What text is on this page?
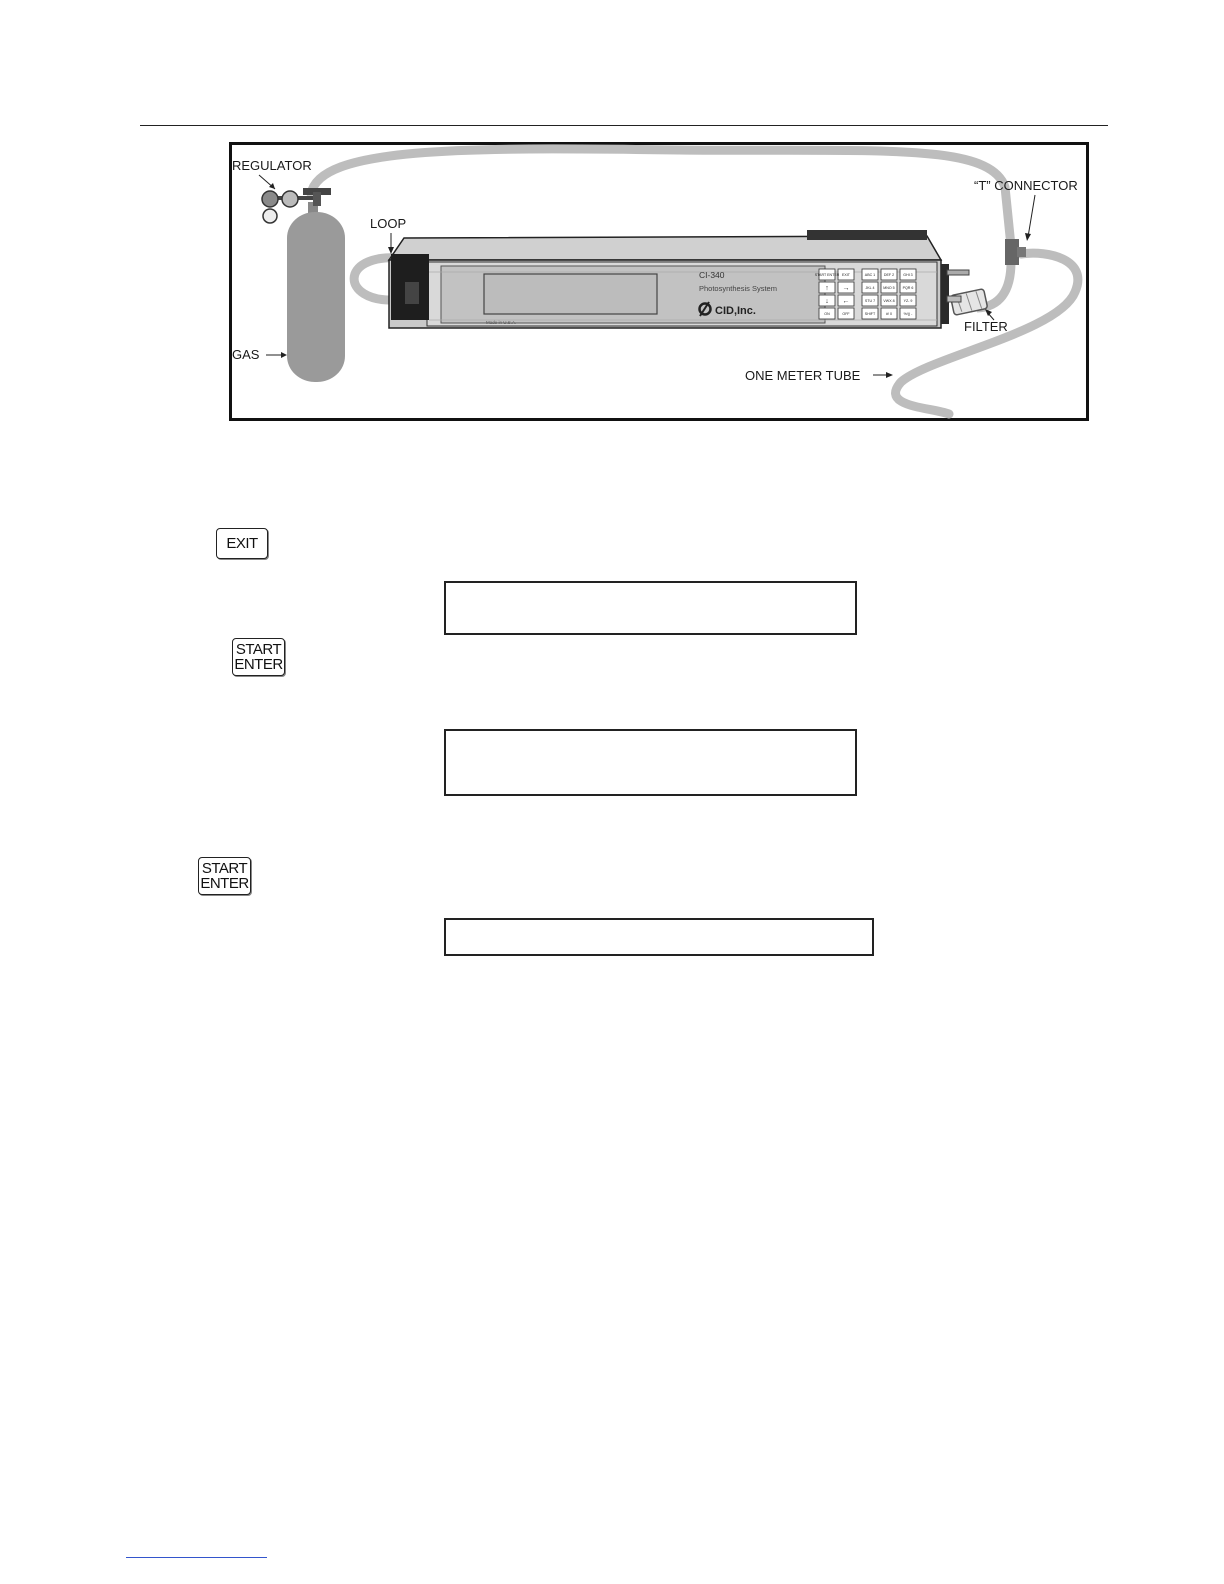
CI-340
Photosynthesis System
CID,Inc.
Made in U.S.A.
START ENTER EXIT
↑ →
↓ ←
ON	OFF	SHIFT
ABC 1 DEF 2	GHI 3
JKL 4 MNO 5 PQR 6
STU 7 VWX 8	YZ- 9
#! 0	%/() -
REGULATOR
LOOP
GAS
“T” CONNECTOR
FILTER
ONE METER TUBE
EXIT
START
ENTER
START
ENTER
